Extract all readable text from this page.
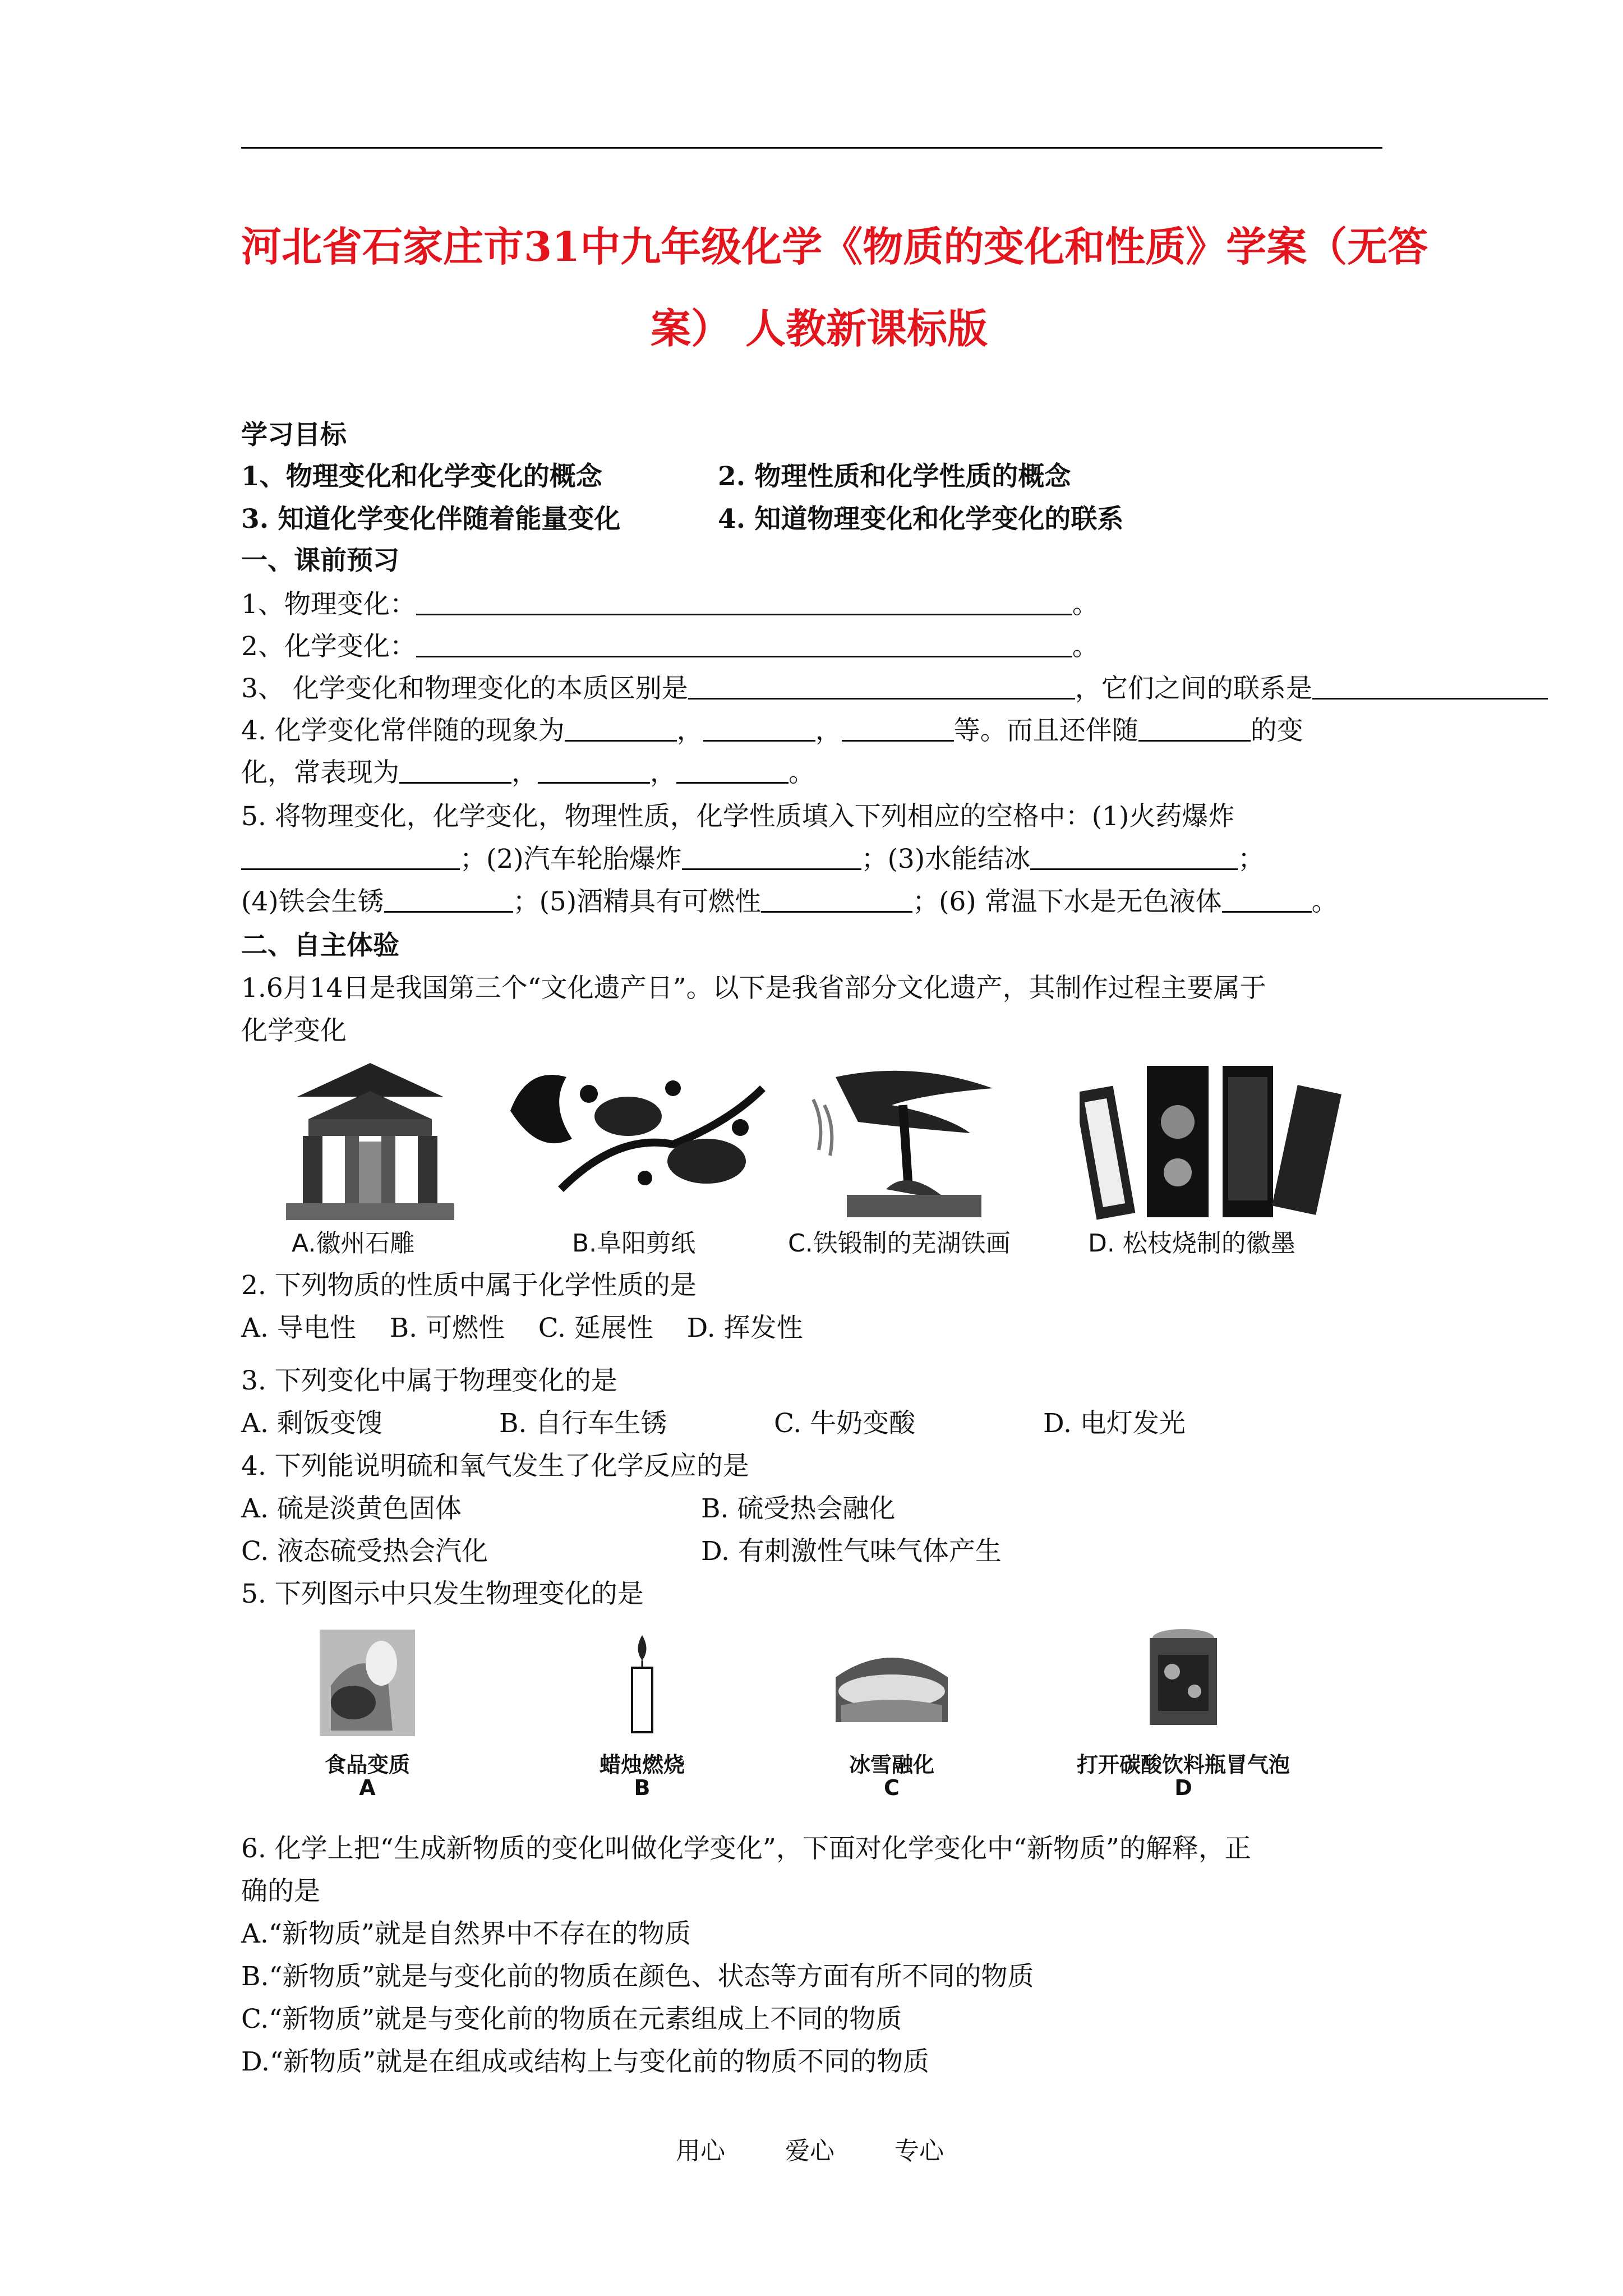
河北省石家庄市31中九年级化学《物质的变化和性质》学案（无答
案） 人教新课标版
学习目标
1、物理变化和化学变化的概念	2. 物理性质和化学性质的概念
3. 知道化学变化伴随着能量变化	4. 知道物理变化和化学变化的联系
一、课前预习
1、物理变化：	。
2、化学变化：	。
3、 化学变化和物理变化的本质区别是	，它们之间的联系是
4. 化学变化常伴随的现象为	，	，	等。而且还伴随	的变
化，常表现为	，	，	。
5. 将物理变化，化学变化，物理性质，化学性质填入下列相应的空格中：(1)火药爆炸
；(2)汽车轮胎爆炸	；(3)水能结冰	；
(4)铁会生锈	；(5)酒精具有可燃性	；(6) 常温下水是无色液体	。
二、自主体验
1.6月14日是我国第三个“文化遗产日”。以下是我省部分文化遗产，其制作过程主要属于
化学变化
A.徽州石雕	B.阜阳剪纸	C.铁锻制的芜湖铁画	D. 松枝烧制的徽墨
2. 下列物质的性质中属于化学性质的是
A. 导电性    B. 可燃性    C. 延展性    D. 挥发性
3. 下列变化中属于物理变化的是
A. 剩饭变馊	B. 自行车生锈	C. 牛奶变酸	D. 电灯发光
4. 下列能说明硫和氧气发生了化学反应的是
A. 硫是淡黄色固体	B. 硫受热会融化
C. 液态硫受热会汽化	D. 有刺激性气味气体产生
5. 下列图示中只发生物理变化的是
食品变质
A
蜡烛燃烧
B
冰雪融化
C
打开碳酸饮料瓶冒气泡
D
6. 化学上把“生成新物质的变化叫做化学变化”，下面对化学变化中“新物质”的解释，正
确的是
A.“新物质”就是自然界中不存在的物质
B.“新物质”就是与变化前的物质在颜色、状态等方面有所不同的物质
C.“新物质”就是与变化前的物质在元素组成上不同的物质
D.“新物质”就是在组成或结构上与变化前的物质不同的物质
用心 爱心 专心
